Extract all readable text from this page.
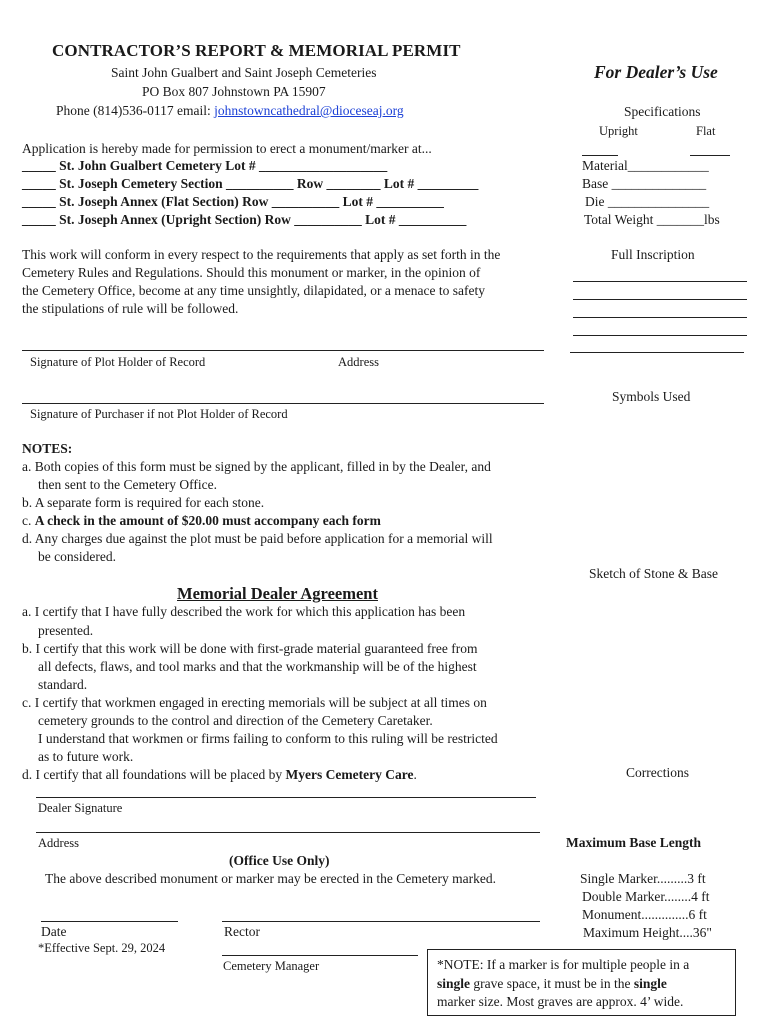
CONTRACTOR’S REPORT & MEMORIAL PERMIT
Saint John Gualbert and Saint Joseph Cemeteries
PO Box 807 Johnstown PA 15907
Phone (814)536-0117 email: johnstowncathedral@dioceseaj.org
For Dealer’s Use
Specifications
Upright	Flat
Material____________
Base ______________
Die _______________
Total Weight _______lbs
Full Inscription
Symbols Used
Sketch of Stone & Base
Corrections
Maximum Base Length
Single Marker.........3 ft
Double Marker........4 ft
Monument..............6 ft
Maximum Height....36"
Application is hereby made for permission to erect a monument/marker at...
_____ St. John Gualbert Cemetery Lot # ___________________
_____ St. Joseph Cemetery Section __________ Row ________ Lot # _________
_____ St. Joseph Annex (Flat Section) Row __________ Lot # __________
_____ St. Joseph Annex (Upright Section) Row __________ Lot # __________
This work will conform in every respect to the requirements that apply as set forth in the
Cemetery Rules and Regulations. Should this monument or marker, in the opinion of
the Cemetery Office, become at any time unsightly, dilapidated, or a menace to safety
the stipulations of rule will be followed.
Signature of Plot Holder of Record	Address
Signature of Purchaser if not Plot Holder of Record
NOTES:
a. Both copies of this form must be signed by the applicant, filled in by the Dealer, and
then sent to the Cemetery Office.
b. A separate form is required for each stone.
c. A check in the amount of $20.00 must accompany each form
d. Any charges due against the plot must be paid before application for a memorial will
be considered.
Memorial Dealer Agreement
a. I certify that I have fully described the work for which this application has been
presented.
b. I certify that this work will be done with first-grade material guaranteed free from
all defects, flaws, and tool marks and that the workmanship will be of the highest
standard.
c. I certify that workmen engaged in erecting memorials will be subject at all times on
cemetery grounds to the control and direction of the Cemetery Caretaker.
I understand that workmen or firms failing to conform to this ruling will be restricted
as to future work.
d. I certify that all foundations will be placed by Myers Cemetery Care.
Dealer Signature
Address
(Office Use Only)
The above described monument or marker may be erected in the Cemetery marked.
Date	Rector
*Effective Sept. 29, 2024
Cemetery Manager	*NOTE: If a marker is for multiple people in a
single grave space, it must be in the single
marker size. Most graves are approx. 4’ wide.
